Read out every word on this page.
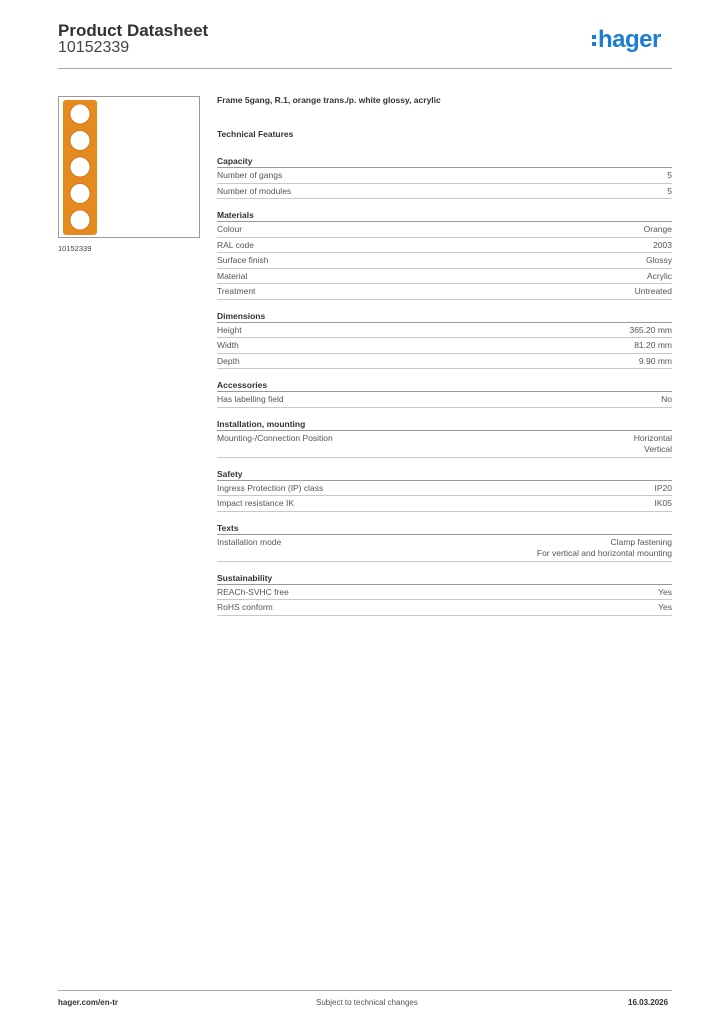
Product Datasheet
10152339	hager
10152339
Frame 5gang, R.1, orange trans./p. white glossy, acrylic
Technical Features
Capacity
Number of gangs	5
Number of modules	5
Materials
Colour	Orange
RAL code	2003
Surface finish	Glossy
Material	Acrylic
Treatment	Untreated
Dimensions
Height	365.20 mm
Width	81.20 mm
Depth	9.90 mm
Accessories
Has labelling field	No
Installation, mounting
Mounting-/Connection Position	Horizontal
Vertical
Safety
Ingress Protection (IP) class	IP20
Impact resistance IK	IK05
Texts
Installation mode	Clamp fastening
For vertical and horizontal mounting
Sustainability
REACh-SVHC free	Yes
RoHS conform	Yes
hager.com/en-tr	Subject to technical changes	16.03.2026
